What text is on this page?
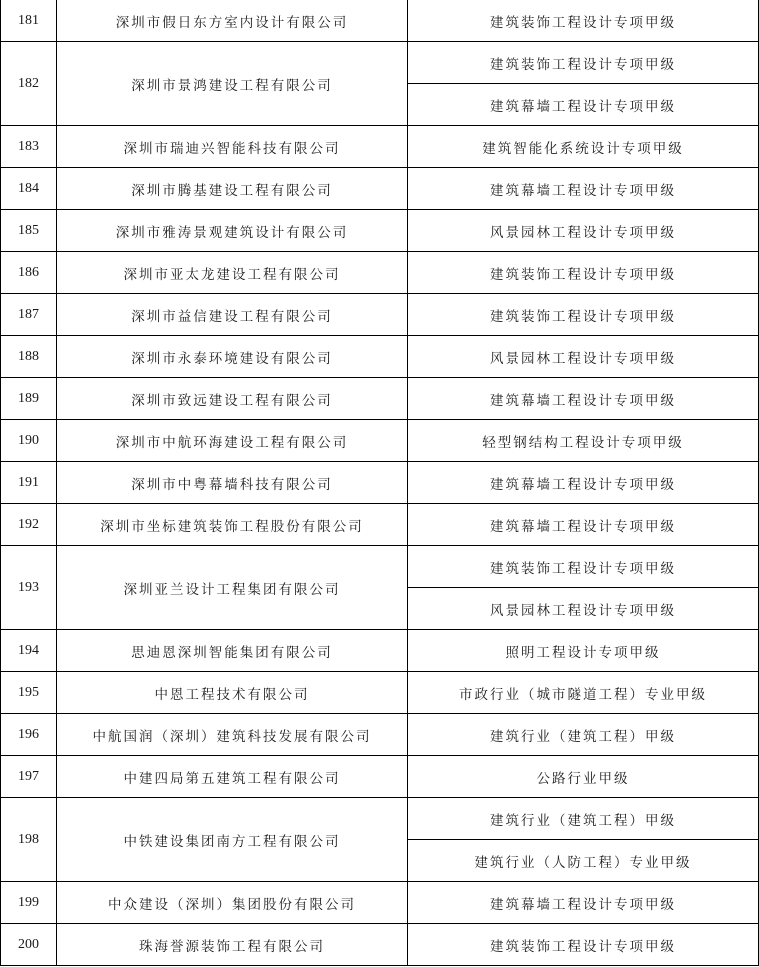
181	深圳市假日东方室内设计有限公司	建筑装饰工程设计专项甲级
182	深圳市景鸿建设工程有限公司	建筑装饰工程设计专项甲级
		建筑幕墙工程设计专项甲级
183	深圳市瑞迪兴智能科技有限公司	建筑智能化系统设计专项甲级
184	深圳市腾基建设工程有限公司	建筑幕墙工程设计专项甲级
185	深圳市雅涛景观建筑设计有限公司	风景园林工程设计专项甲级
186	深圳市亚太龙建设工程有限公司	建筑装饰工程设计专项甲级
187	深圳市益信建设工程有限公司	建筑装饰工程设计专项甲级
188	深圳市永泰环境建设有限公司	风景园林工程设计专项甲级
189	深圳市致远建设工程有限公司	建筑幕墙工程设计专项甲级
190	深圳市中航环海建设工程有限公司	轻型钢结构工程设计专项甲级
191	深圳市中粤幕墙科技有限公司	建筑幕墙工程设计专项甲级
192	深圳市坐标建筑装饰工程股份有限公司	建筑幕墙工程设计专项甲级
193	深圳亚兰设计工程集团有限公司	建筑装饰工程设计专项甲级
		风景园林工程设计专项甲级
194	思迪恩深圳智能集团有限公司	照明工程设计专项甲级
195	中恩工程技术有限公司	市政行业（城市隧道工程）专业甲级
196	中航国润（深圳）建筑科技发展有限公司	建筑行业（建筑工程）甲级
197	中建四局第五建筑工程有限公司	公路行业甲级
198	中铁建设集团南方工程有限公司	建筑行业（建筑工程）甲级
		建筑行业（人防工程）专业甲级
199	中众建设（深圳）集团股份有限公司	建筑幕墙工程设计专项甲级
200	珠海誉源装饰工程有限公司	建筑装饰工程设计专项甲级
